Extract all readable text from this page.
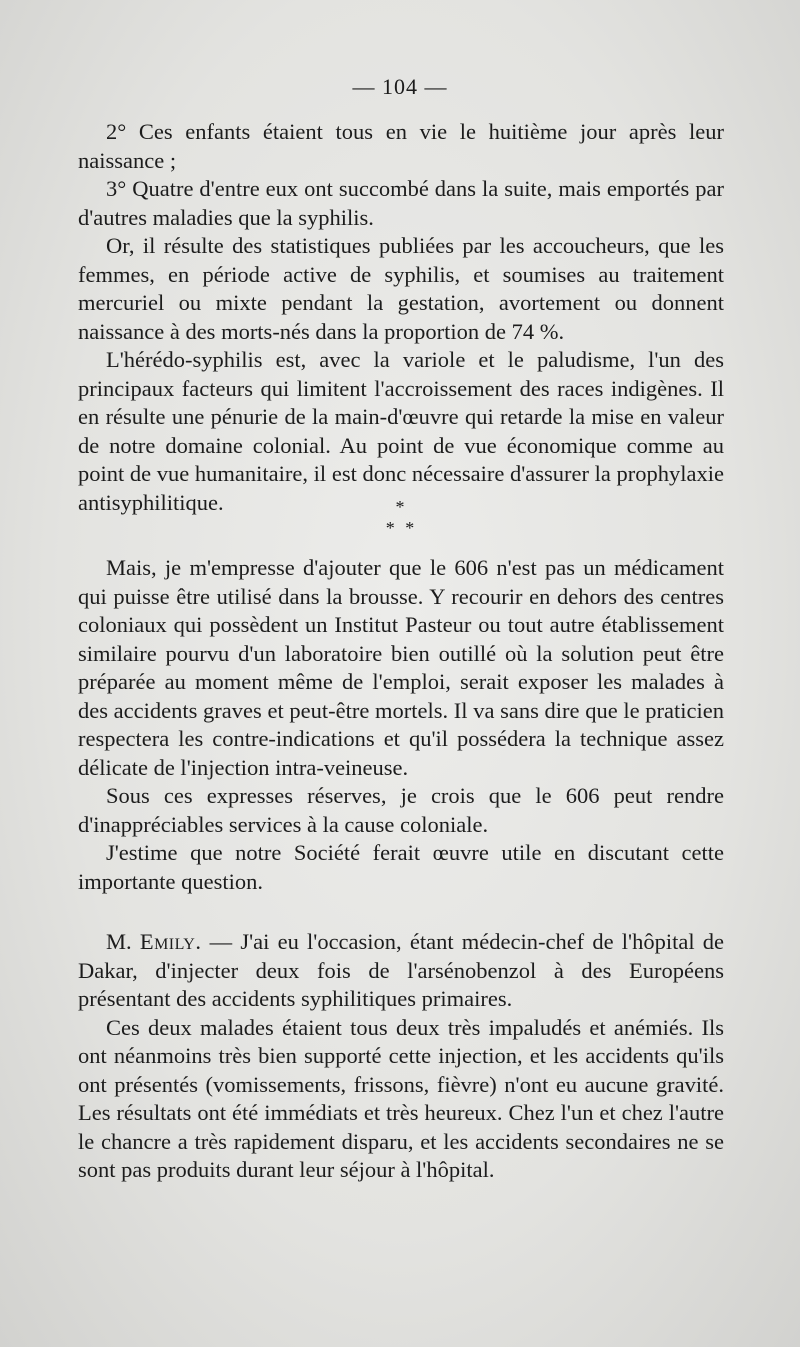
— 104 —

2° Ces enfants étaient tous en vie le huitième jour après leur naissance ;

3° Quatre d'entre eux ont succombé dans la suite, mais emportés par d'autres maladies que la syphilis.

Or, il résulte des statistiques publiées par les accoucheurs, que les femmes, en période active de syphilis, et soumises au traitement mercuriel ou mixte pendant la gestation, avortement ou donnent naissance à des morts-nés dans la proportion de 74 %.

L'hérédo-syphilis est, avec la variole et le paludisme, l'un des principaux facteurs qui limitent l'accroissement des races indigènes. Il en résulte une pénurie de la main-d'œuvre qui retarde la mise en valeur de notre domaine colonial. Au point de vue économique comme au point de vue humanitaire, il est donc nécessaire d'assurer la prophylaxie antisyphilitique.	*
* *

Mais, je m'empresse d'ajouter que le 606 n'est pas un médicament qui puisse être utilisé dans la brousse. Y recourir en dehors des centres coloniaux qui possèdent un Institut Pasteur ou tout autre établissement similaire pourvu d'un laboratoire bien outillé où la solution peut être préparée au moment même de l'emploi, serait exposer les malades à des accidents graves et peut-être mortels. Il va sans dire que le praticien respectera les contre-indications et qu'il possédera la technique assez délicate de l'injection intra-veineuse.

Sous ces expresses réserves, je crois que le 606 peut rendre d'inappréciables services à la cause coloniale.

J'estime que notre Société ferait œuvre utile en discutant cette importante question.

M. Emily. — J'ai eu l'occasion, étant médecin-chef de l'hôpital de Dakar, d'injecter deux fois de l'arsénobenzol à des Européens présentant des accidents syphilitiques primaires.

Ces deux malades étaient tous deux très impaludés et anémiés. Ils ont néanmoins très bien supporté cette injection, et les accidents qu'ils ont présentés (vomissements, frissons, fièvre) n'ont eu aucune gravité. Les résultats ont été immédiats et très heureux. Chez l'un et chez l'autre le chancre a très rapidement disparu, et les accidents secondaires ne se sont pas produits durant leur séjour à l'hôpital.
